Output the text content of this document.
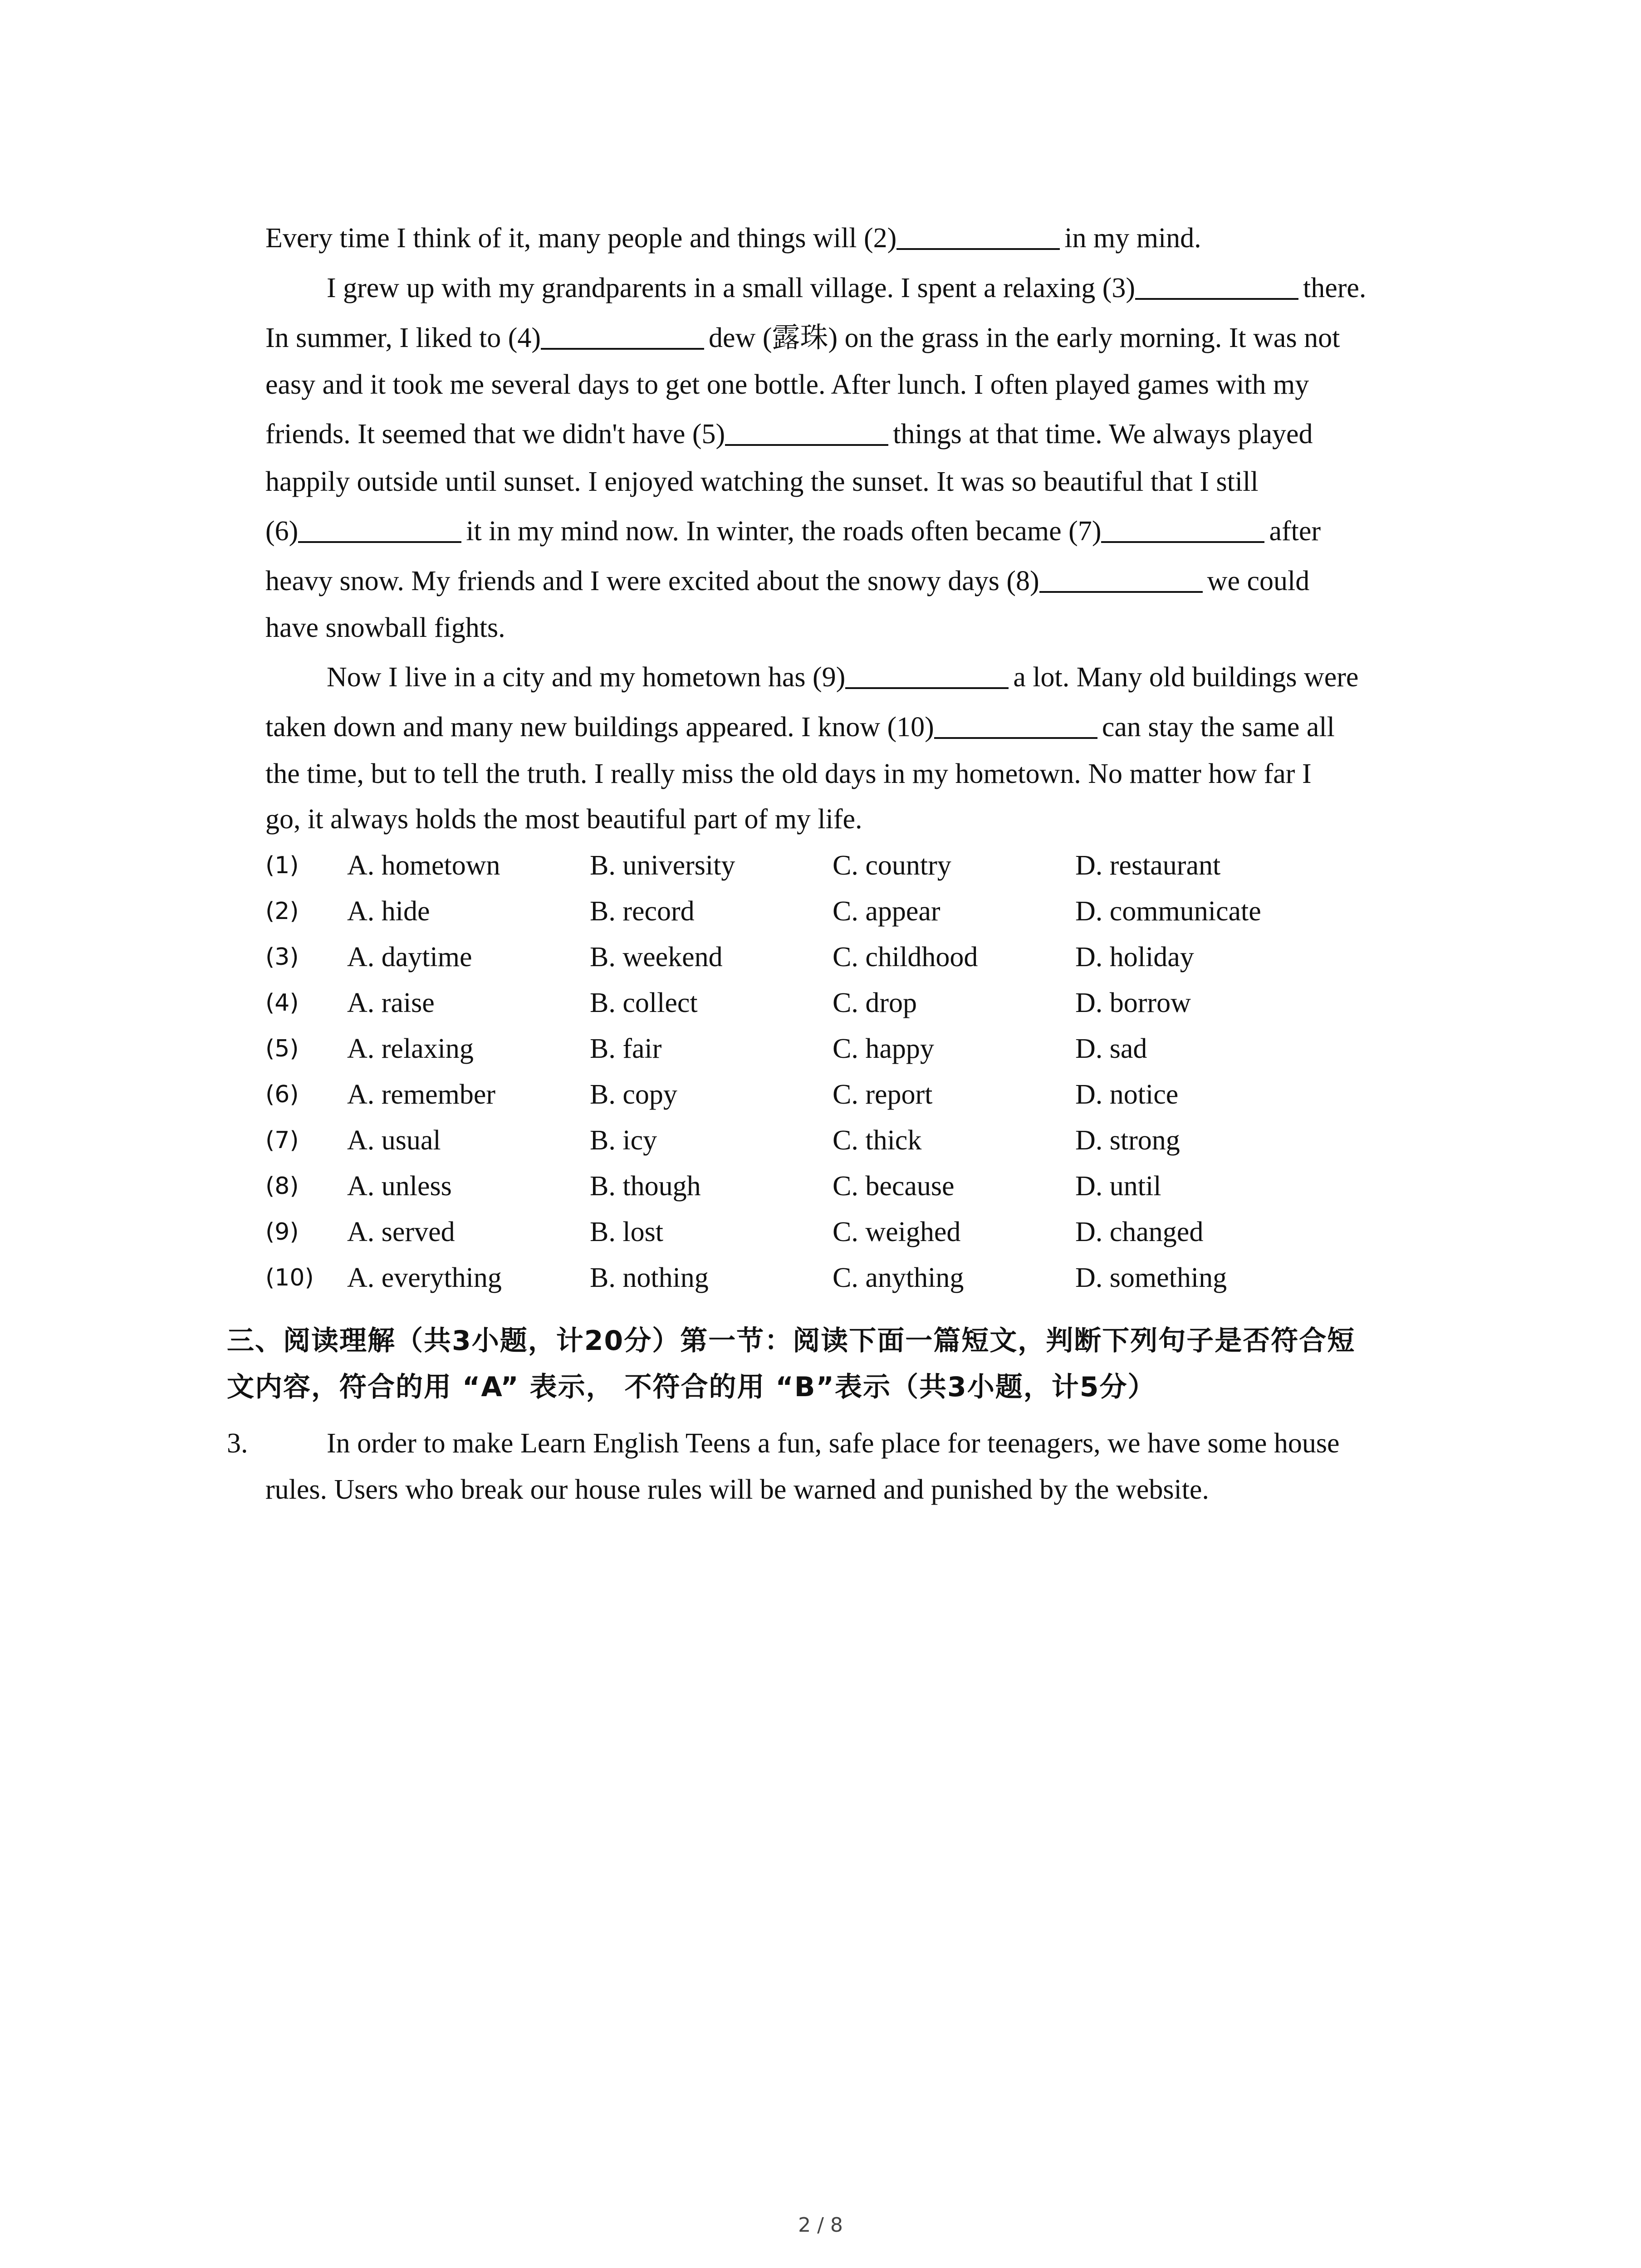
Every time I think of it, many people and things will (2)	in my mind.
I grew up with my grandparents in a small village. I spent a relaxing (3)	there.
In summer, I liked to (4)	dew (露珠) on the grass in the early morning. It was not
easy and it took me several days to get one bottle. After lunch. I often played games with my
friends. It seemed that we didn't have (5)	things at that time. We always played
happily outside until sunset. I enjoyed watching the sunset. It was so beautiful that I still
(6)	it in my mind now. In winter, the roads often became (7)	after
heavy snow. My friends and I were excited about the snowy days (8)	we could
have snowball fights.
Now I live in a city and my hometown has (9)	a lot. Many old buildings were
taken down and many new buildings appeared. I know (10)	can stay the same all
the time, but to tell the truth. I really miss the old days in my hometown. No matter how far I
go, it always holds the most beautiful part of my life.
(1) A. hometown	B. university	C. country	D. restaurant
(2) A. hide	B. record	C. appear	D. communicate
(3) A. daytime	B. weekend	C. childhood	D. holiday
(4) A. raise	B. collect	C. drop	D. borrow
(5) A. relaxing	B. fair	C. happy	D. sad
(6) A. remember	B. copy	C. report	D. notice
(7) A. usual	B. icy	C. thick	D. strong
(8) A. unless	B. though	C. because	D. until
(9) A. served	B. lost	C. weighed	D. changed
(10) A. everything	B. nothing	C. anything	D. something
三、阅读理解（共3小题，计20分）第一节：阅读下面一篇短文，判断下列句子是否符合短
文内容，符合的用 “A” 表示， 不符合的用 “B”表示（共3小题，计5分）
3.	In order to make Learn English Teens a fun, safe place for teenagers, we have some house
rules. Users who break our house rules will be warned and punished by the website.
2 / 8
